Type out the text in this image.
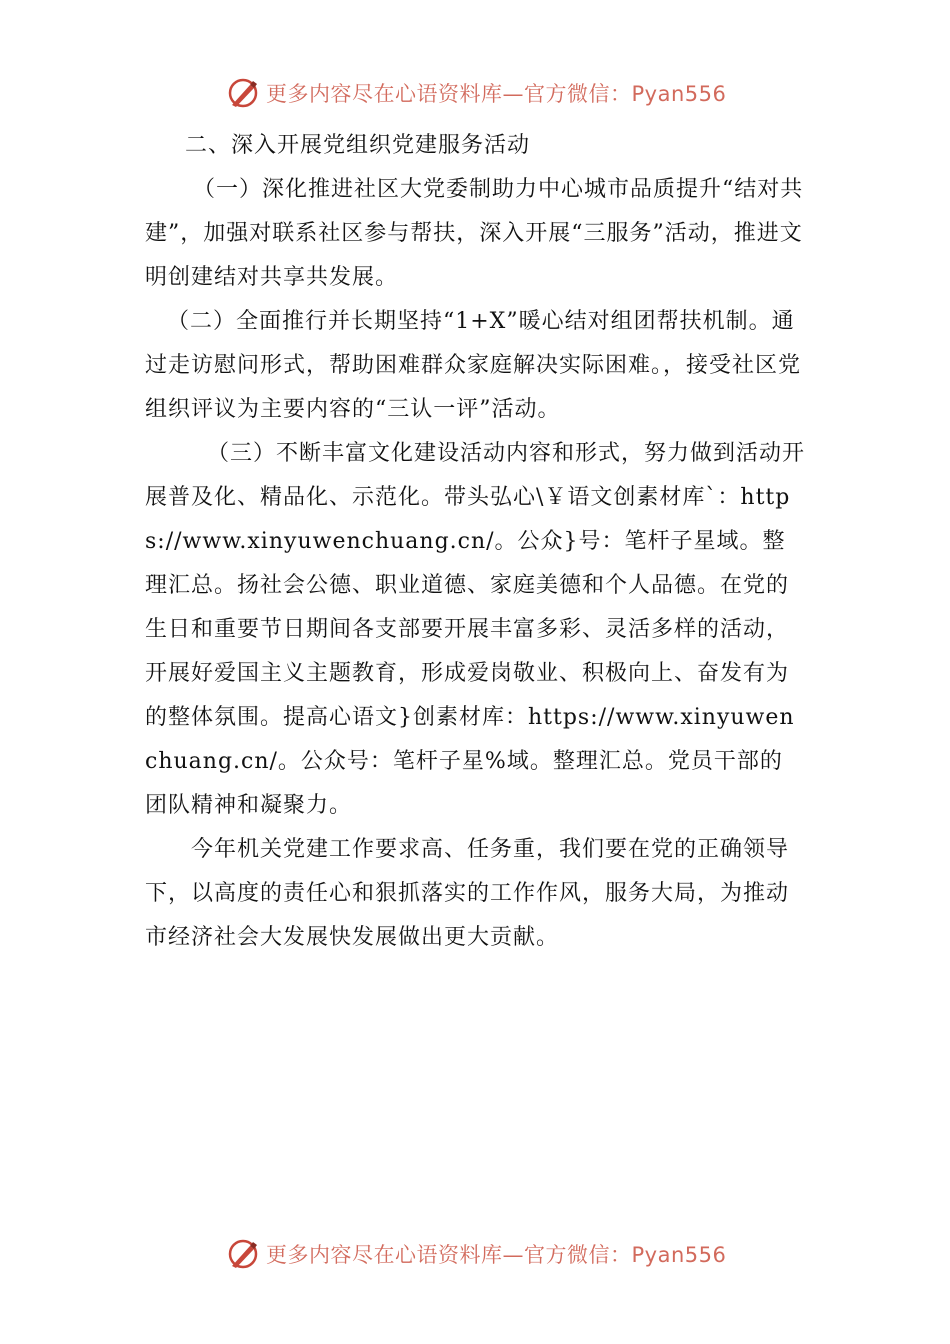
更多内容尽在心语资料库—官方微信：Pyan556

二、深入开展党组织党建服务活动

（一）深化推进社区大党委制助力中心城市品质提升“结对共建”，加强对联系社区参与帮扶，深入开展“三服务”活动，推进文明创建结对共享共发展。

（二）全面推行并长期坚持“1+X”暖心结对组团帮扶机制。通过走访慰问形式，帮助困难群众家庭解决实际困难。，接受社区党组织评议为主要内容的“三认一评”活动。

（三）不断丰富文化建设活动内容和形式，努力做到活动开展普及化、精品化、示范化。带头弘心\￥语文创素材库`：https://www.xinyuwenchuang.cn/。公众}号：笔杆子星域。整理汇总。扬社会公德、职业道德、家庭美德和个人品德。在党的生日和重要节日期间各支部要开展丰富多彩、灵活多样的活动，开展好爱国主义主题教育，形成爱岗敬业、积极向上、奋发有为的整体氛围。提高心语文}创素材库：https://www.xinyuwenchuang.cn/。公众号：笔杆子星%域。整理汇总。党员干部的团队精神和凝聚力。

今年机关党建工作要求高、任务重，我们要在党的正确领导下，以高度的责任心和狠抓落实的工作作风，服务大局，为推动市经济社会大发展快发展做出更大贡献。

更多内容尽在心语资料库—官方微信：Pyan556
